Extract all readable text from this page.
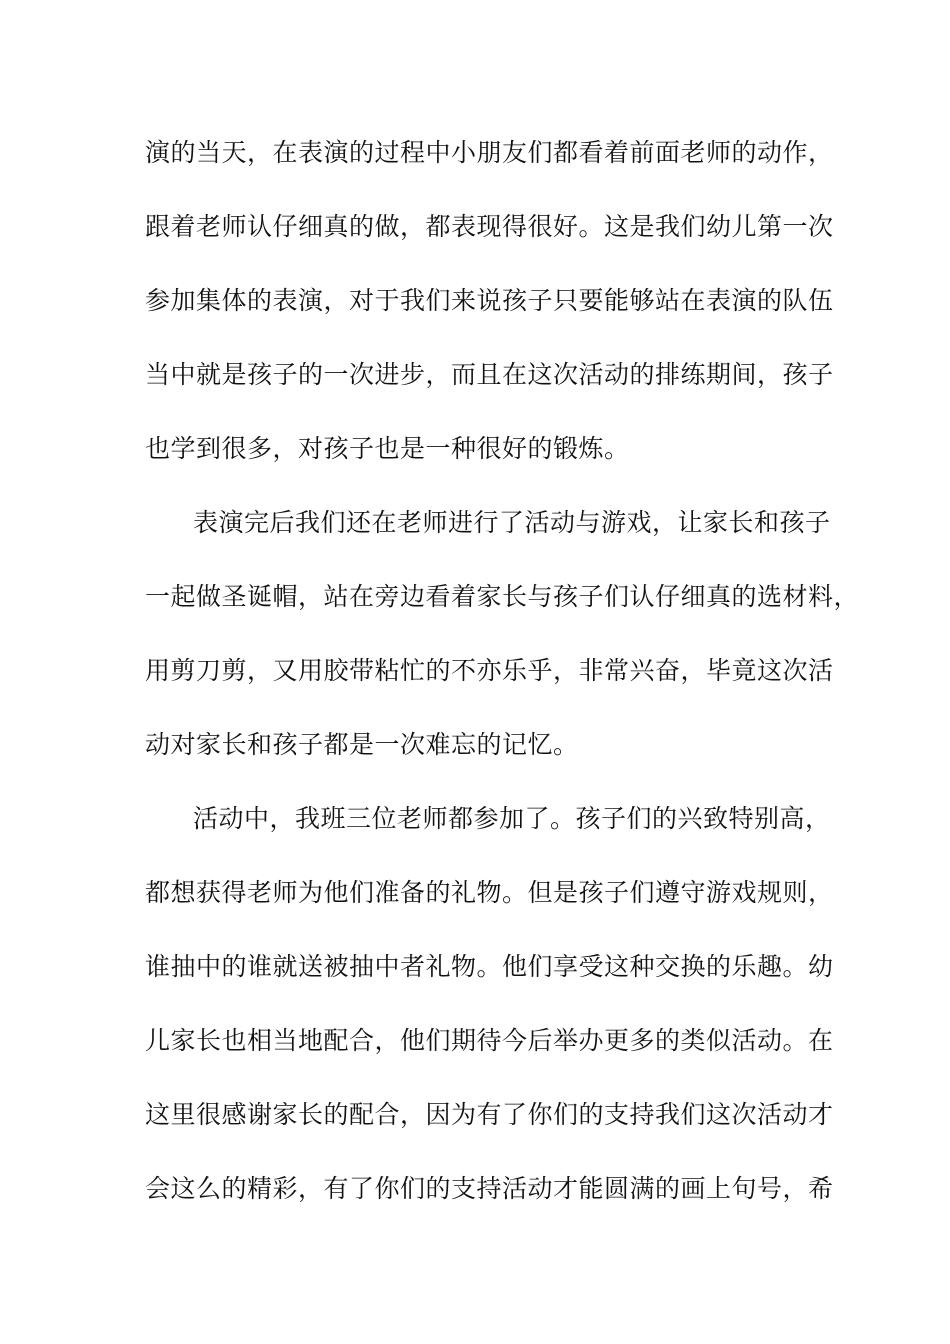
演的当天，在表演的过程中小朋友们都看着前面老师的动作，
跟着老师认仔细真的做，都表现得很好。这是我们幼儿第一次
参加集体的表演，对于我们来说孩子只要能够站在表演的队伍
当中就是孩子的一次进步，而且在这次活动的排练期间，孩子
也学到很多，对孩子也是一种很好的锻炼。
表演完后我们还在老师进行了活动与游戏，让家长和孩子
一起做圣诞帽，站在旁边看着家长与孩子们认仔细真的选材料，
用剪刀剪，又用胶带粘忙的不亦乐乎，非常兴奋，毕竟这次活
动对家长和孩子都是一次难忘的记忆。
活动中，我班三位老师都参加了。孩子们的兴致特别高，
都想获得老师为他们准备的礼物。但是孩子们遵守游戏规则，
谁抽中的谁就送被抽中者礼物。他们享受这种交换的乐趣。幼
儿家长也相当地配合，他们期待今后举办更多的类似活动。在
这里很感谢家长的配合，因为有了你们的支持我们这次活动才
会这么的精彩，有了你们的支持活动才能圆满的画上句号，希
